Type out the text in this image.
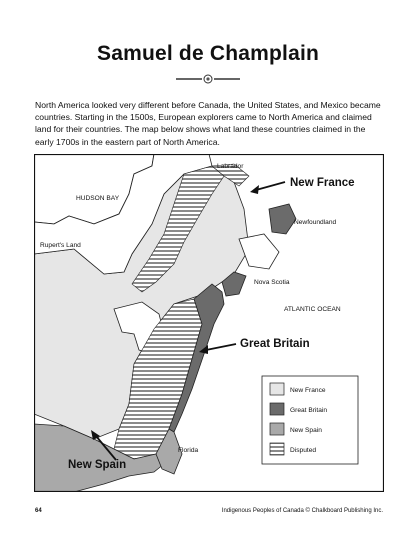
Samuel de Champlain
North America looked very different before Canada, the United States, and Mexico became countries. Starting in the 1500s, European explorers came to North America and claimed land for their countries. The map below shows what land these countries claimed in the early 1700s in the eastern part of North America.
Labrador
HUDSON BAY
Newfoundland
Rupert's Land
Nova Scotia
ATLANTIC OCEAN
Florida
New France
Great Britain
New Spain
New France
Great Britain
New Spain
Disputed
64	Indigenous Peoples of Canada © Chalkboard Publishing Inc.
